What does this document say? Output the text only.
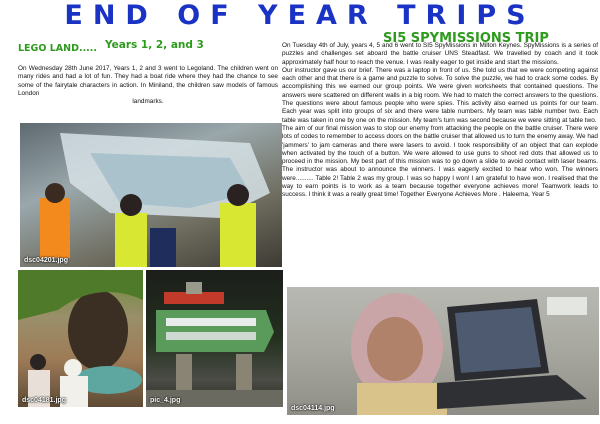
END OF YEAR TRIPS
LEGO LAND..... Years 1, 2, and 3
On Wednesday 28th June 2017, Years 1, 2 and 3 went to Legoland. The children went on many rides and had a lot of fun. They had a boat ride where they had the chance to see some of the fairytale characters in action. In Miniland, the children saw models of famous London
landmarks.
SI5 SPYMISSIONS TRIP

On Tuesday 4th of July, years 4, 5 and 6 went to SI5 SpyMissions in Milton Keynes. SpyMissions is a series of puzzles and challenges set aboard the battle cruiser UNS Steadfast. We travelled by coach and it took approximately half hour to reach the venue. I was really eager to get inside and start the missions.

Our instructor gave us our brief. There was a laptop in front of us. She told us that we were competing against each other and that there is a game and puzzle to solve. To solve the puzzle, we had to crack some codes. By accomplishing this we earned our group points. We were given worksheets that contained questions. The answers were scattered on different walls in a big room. We had to match the correct answers to the questions. The questions were about famous people who were spies. This activity also earned us points for our team. Each year was split into groups of six and there were table numbers. My team was table number two. Each table was taken in one by one on the mission. My team's turn was second because we were sitting at table two.

The aim of our final mission was to stop our enemy from attacking the people on the battle cruiser. There were lots of codes to remember to access doors on the battle cruiser that allowed us to turn the enemy away. We had 'jammers' to jam cameras and there were lasers to avoid. I took responsibility of an object that can explode when activated by the touch of a button. We were allowed to use guns to shoot red dots that allowed us to proceed in the mission. My best part of this mission was to go down a slide to avoid contact with laser beams. The instructor was about to announce the winners. I was eagerly excited to hear who won. The winners were.......... Table 2! Table 2 was my group. I was so happy I won! I am grateful to have won. I realised that the way to earn points is to work as a team because together everyone achieves more! Teamwork leads to success. I think it was a really great time! Together Everyone Achieves More . Haleema, Year 5

dsc04201.jpg
dsc04181.jpg	pic_4.jpg
dsc04114.jpg
